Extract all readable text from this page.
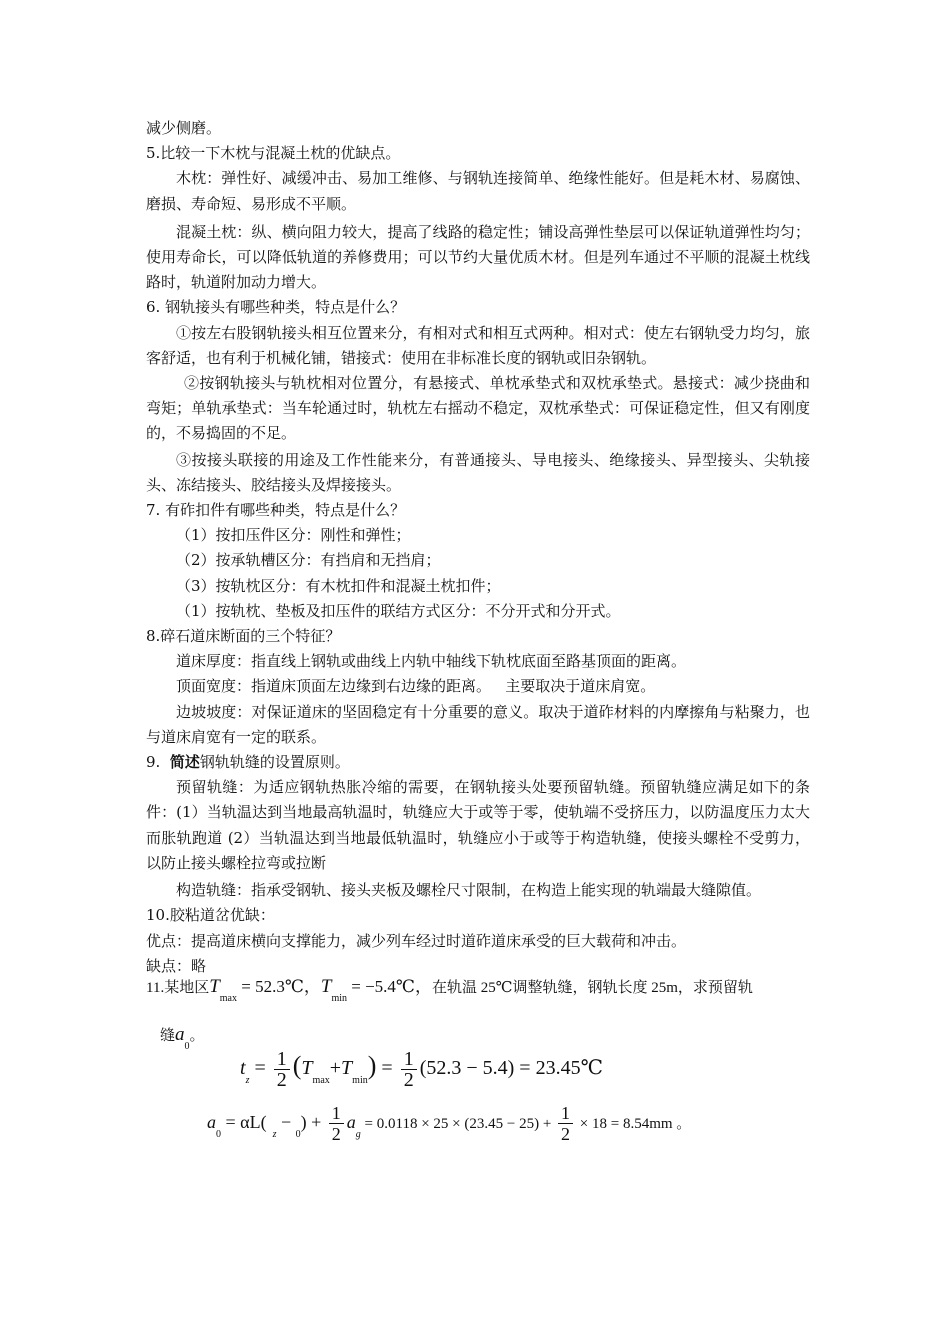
减少侧磨。
5.比较一下木枕与混凝土枕的优缺点。
木枕：弹性好、减缓冲击、易加工维修、与钢轨连接简单、绝缘性能好。但是耗木材、易腐蚀、磨损、寿命短、易形成不平顺。
混凝土枕：纵、横向阻力较大，提高了线路的稳定性；铺设高弹性垫层可以保证轨道弹性均匀；使用寿命长，可以降低轨道的养修费用；可以节约大量优质木材。但是列车通过不平顺的混凝土枕线路时，轨道附加动力增大。
6. 钢轨接头有哪些种类，特点是什么？
①按左右股钢轨接头相互位置来分，有相对式和相互式两种。相对式：使左右钢轨受力均匀，旅客舒适，也有利于机械化铺，错接式：使用在非标准长度的钢轨或旧杂钢轨。
②按钢轨接头与轨枕相对位置分，有悬接式、单枕承垫式和双枕承垫式。悬接式：减少挠曲和弯矩；单轨承垫式：当车轮通过时，轨枕左右摇动不稳定，双枕承垫式：可保证稳定性，但又有刚度的，不易捣固的不足。
③按接头联接的用途及工作性能来分，有普通接头、导电接头、绝缘接头、异型接头、尖轨接头、冻结接头、胶结接头及焊接接头。
7. 有砟扣件有哪些种类，特点是什么？
（1）按扣压件区分：刚性和弹性；
（2）按承轨槽区分：有挡肩和无挡肩；
（3）按轨枕区分：有木枕扣件和混凝土枕扣件；
（1）按轨枕、垫板及扣压件的联结方式区分：不分开式和分开式。
8.碎石道床断面的三个特征？
道床厚度：指直线上钢轨或曲线上内轨中轴线下轨枕底面至路基顶面的距离。
顶面宽度：指道床顶面左边缘到右边缘的距离。   主要取决于道床肩宽。
边坡坡度：对保证道床的坚固稳定有十分重要的意义。取决于道砟材料的内摩擦角与粘聚力，也与道床肩宽有一定的联系。
9.  简述钢轨轨缝的设置原则。
预留轨缝：为适应钢轨热胀冷缩的需要，在钢轨接头处要预留轨缝。预留轨缝应满足如下的条件：(1）当轨温达到当地最高轨温时，轨缝应大于或等于零，使轨端不受挤压力，以防温度压力太大而胀轨跑道 (2）当轨温达到当地最低轨温时，轨缝应小于或等于构造轨缝，使接头螺栓不受剪力，以防止接头螺栓拉弯或拉断
构造轨缝：指承受钢轨、接头夹板及螺栓尺寸限制，在构造上能实现的轨端最大缝隙值。
10.胶粘道岔优缺：
优点：提高道床横向支撑能力，减少列车经过时道砟道床承受的巨大载荷和冲击。
缺点：略
11.某地区$T_{max}$ = 52.3℃，$T_{min}$ = −5.4℃，在轨温 25℃调整轨缝，钢轨长度 25m，求预留轨
缝$a_0$。
$t_z = \frac{1}{2} (T_{max}+T_{min}) = \frac{1}{2} (52.3 - 5.4)$ = 23.45℃
$a_0 = \alpha L(_z - _0) + \frac{1}{2} a_g = 0.0118 \times 25 \times (23.45 - 25) + \frac{1}{2} \times 18 = 8.54mm$ 。
